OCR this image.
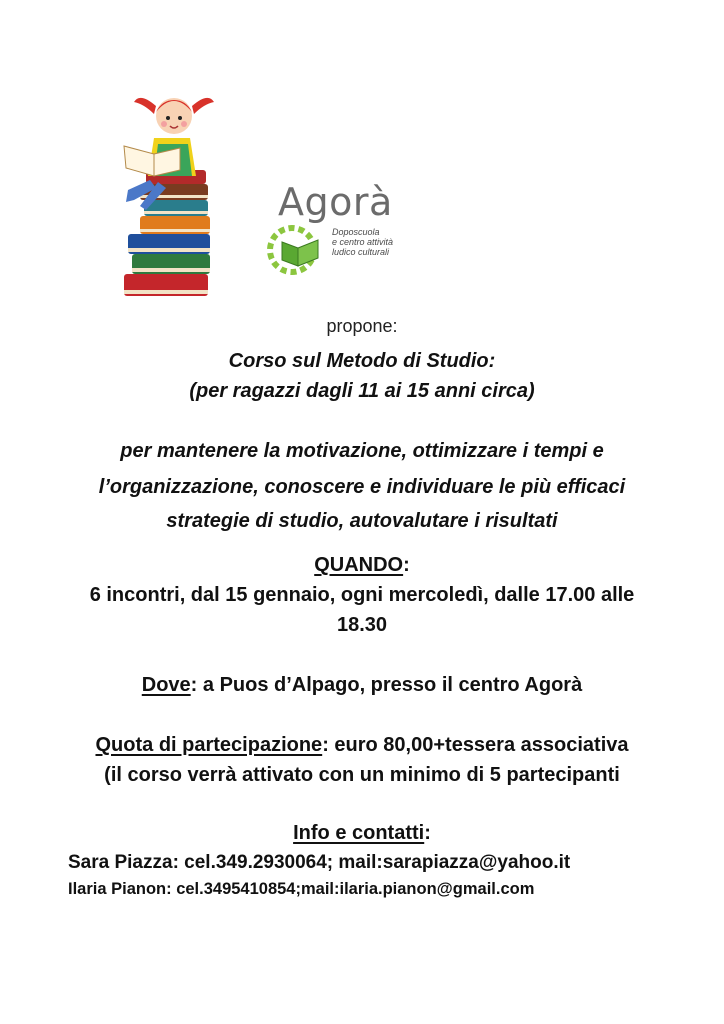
Agorà
Doposcuola
e centro attività
ludico culturali
propone:
Corso sul Metodo di Studio:
(per ragazzi dagli 11 ai 15 anni circa)
per mantenere la motivazione, ottimizzare i tempi e
l’organizzazione, conoscere e individuare le più efficaci
strategie di studio, autovalutare i risultati
QUANDO:
6 incontri, dal 15 gennaio, ogni mercoledì, dalle 17.00 alle
18.30
Dove: a Puos d’Alpago, presso il centro Agorà
Quota di partecipazione: euro 80,00+tessera associativa
(il corso verrà attivato con un minimo di 5 partecipanti
Info e contatti:
Sara Piazza: cel.349.2930064; mail:sarapiazza@yahoo.it
Ilaria Pianon: cel.3495410854;mail:ilaria.pianon@gmail.com
